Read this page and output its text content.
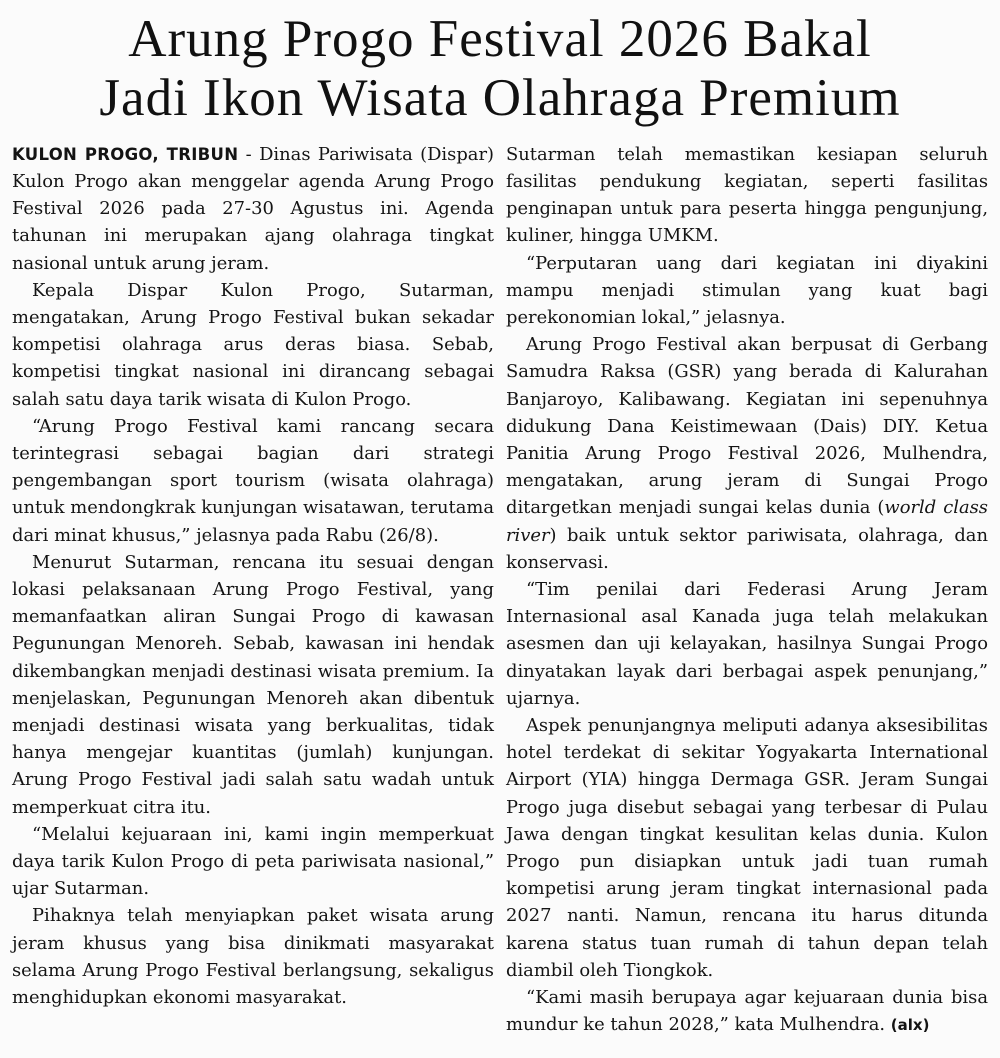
Arung Progo Festival 2026 Bakal
Jadi Ikon Wisata Olahraga Premium

KULON PROGO, TRIBUN - Dinas Pariwisata (Dispar) Kulon Progo akan menggelar agenda Arung Progo Festival 2026 pada 27-30 Agustus ini. Agenda tahunan ini merupakan ajang olahraga tingkat nasional untuk arung jeram.

Kepala Dispar Kulon Progo, Sutarman, mengatakan, Arung Progo Festival bukan sekadar kompetisi olahraga arus deras biasa. Sebab, kompetisi tingkat nasional ini dirancang sebagai salah satu daya tarik wisata di Kulon Progo.

“Arung Progo Festival kami rancang secara terintegrasi sebagai bagian dari strategi pengembangan sport tourism (wisata olahraga) untuk mendongkrak kunjungan wisatawan, terutama dari minat khusus,” jelasnya pada Rabu (26/8).

Menurut Sutarman, rencana itu sesuai dengan lokasi pelaksanaan Arung Progo Festival, yang memanfaatkan aliran Sungai Progo di kawasan Pegunungan Menoreh. Sebab, kawasan ini hendak dikembangkan menjadi destinasi wisata premium. Ia menjelaskan, Pegunungan Menoreh akan dibentuk menjadi destinasi wisata yang berkualitas, tidak hanya mengejar kuantitas (jumlah) kunjungan. Arung Progo Festival jadi salah satu wadah untuk memperkuat citra itu.

“Melalui kejuaraan ini, kami ingin memperkuat daya tarik Kulon Progo di peta pariwisata nasional,” ujar Sutarman.

Pihaknya telah menyiapkan paket wisata arung jeram khusus yang bisa dinikmati masyarakat selama Arung Progo Festival berlangsung, sekaligus menghidupkan ekonomi masyarakat.

Sutarman telah memastikan kesiapan seluruh fasilitas pendukung kegiatan, seperti fasilitas penginapan untuk para peserta hingga pengunjung, kuliner, hingga UMKM.

“Perputaran uang dari kegiatan ini diyakini mampu menjadi stimulan yang kuat bagi perekonomian lokal,” jelasnya.

Arung Progo Festival akan berpusat di Gerbang Samudra Raksa (GSR) yang berada di Kalurahan Banjaroyo, Kalibawang. Kegiatan ini sepenuhnya didukung Dana Keistimewaan (Dais) DIY. Ketua Panitia Arung Progo Festival 2026, Mulhendra, mengatakan, arung jeram di Sungai Progo ditargetkan menjadi sungai kelas dunia (world class river) baik untuk sektor pariwisata, olahraga, dan konservasi.

“Tim penilai dari Federasi Arung Jeram Internasional asal Kanada juga telah melakukan asesmen dan uji kelayakan, hasilnya Sungai Progo dinyatakan layak dari berbagai aspek penunjang,” ujarnya.

Aspek penunjangnya meliputi adanya aksesibilitas hotel terdekat di sekitar Yogyakarta International Airport (YIA) hingga Dermaga GSR. Jeram Sungai Progo juga disebut sebagai yang terbesar di Pulau Jawa dengan tingkat kesulitan kelas dunia. Kulon Progo pun disiapkan untuk jadi tuan rumah kompetisi arung jeram tingkat internasional pada 2027 nanti. Namun, rencana itu harus ditunda karena status tuan rumah di tahun depan telah diambil oleh Tiongkok.

“Kami masih berupaya agar kejuaraan dunia bisa mundur ke tahun 2028,” kata Mulhendra. (alx)
